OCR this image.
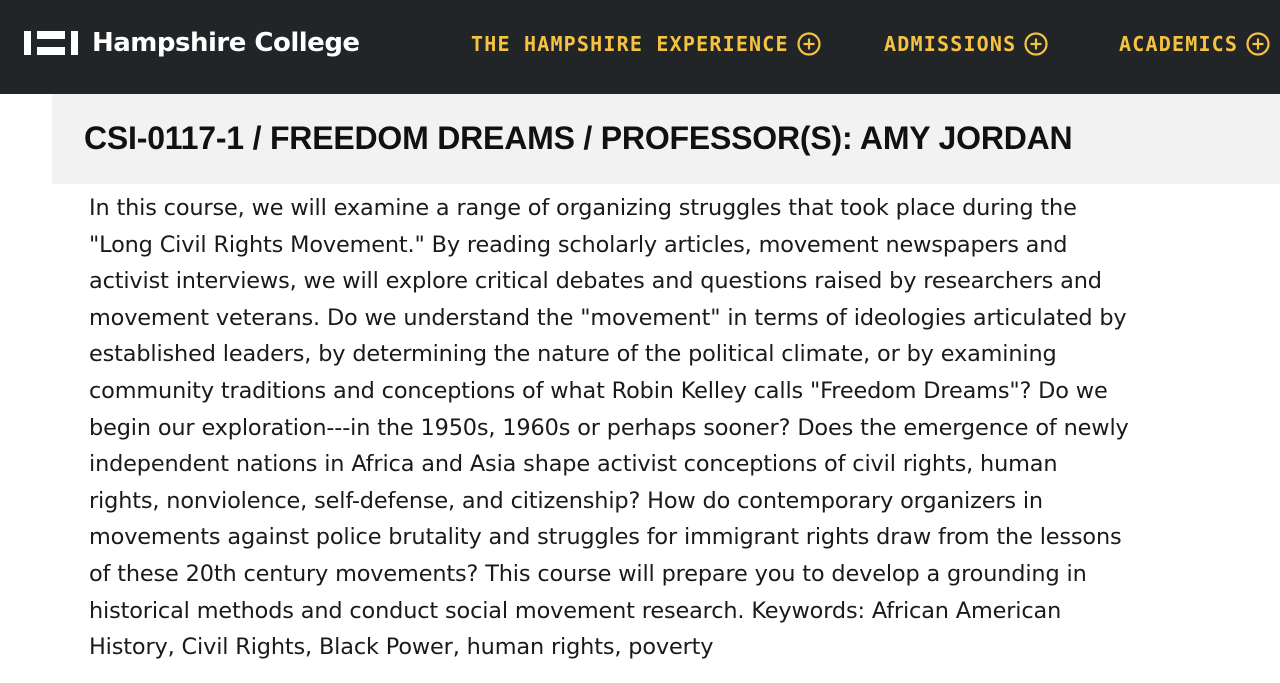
Hampshire College	THE HAMPSHIRE EXPERIENCE	ADMISSIONS	ACADEMICS
CSI-0117-1 / FREEDOM DREAMS / PROFESSOR(S): AMY JORDAN

In this course, we will examine a range of organizing struggles that took place during the "Long Civil Rights Movement." By reading scholarly articles, movement newspapers and activist interviews, we will explore critical debates and questions raised by researchers and movement veterans. Do we understand the "movement" in terms of ideologies articulated by established leaders, by determining the nature of the political climate, or by examining community traditions and conceptions of what Robin Kelley calls "Freedom Dreams"? Do we begin our exploration---in the 1950s, 1960s or perhaps sooner? Does the emergence of newly independent nations in Africa and Asia shape activist conceptions of civil rights, human rights, nonviolence, self-defense, and citizenship? How do contemporary organizers in movements against police brutality and struggles for immigrant rights draw from the lessons of these 20th century movements? This course will prepare you to develop a grounding in historical methods and conduct social movement research. Keywords: African American History, Civil Rights, Black Power, human rights, poverty
